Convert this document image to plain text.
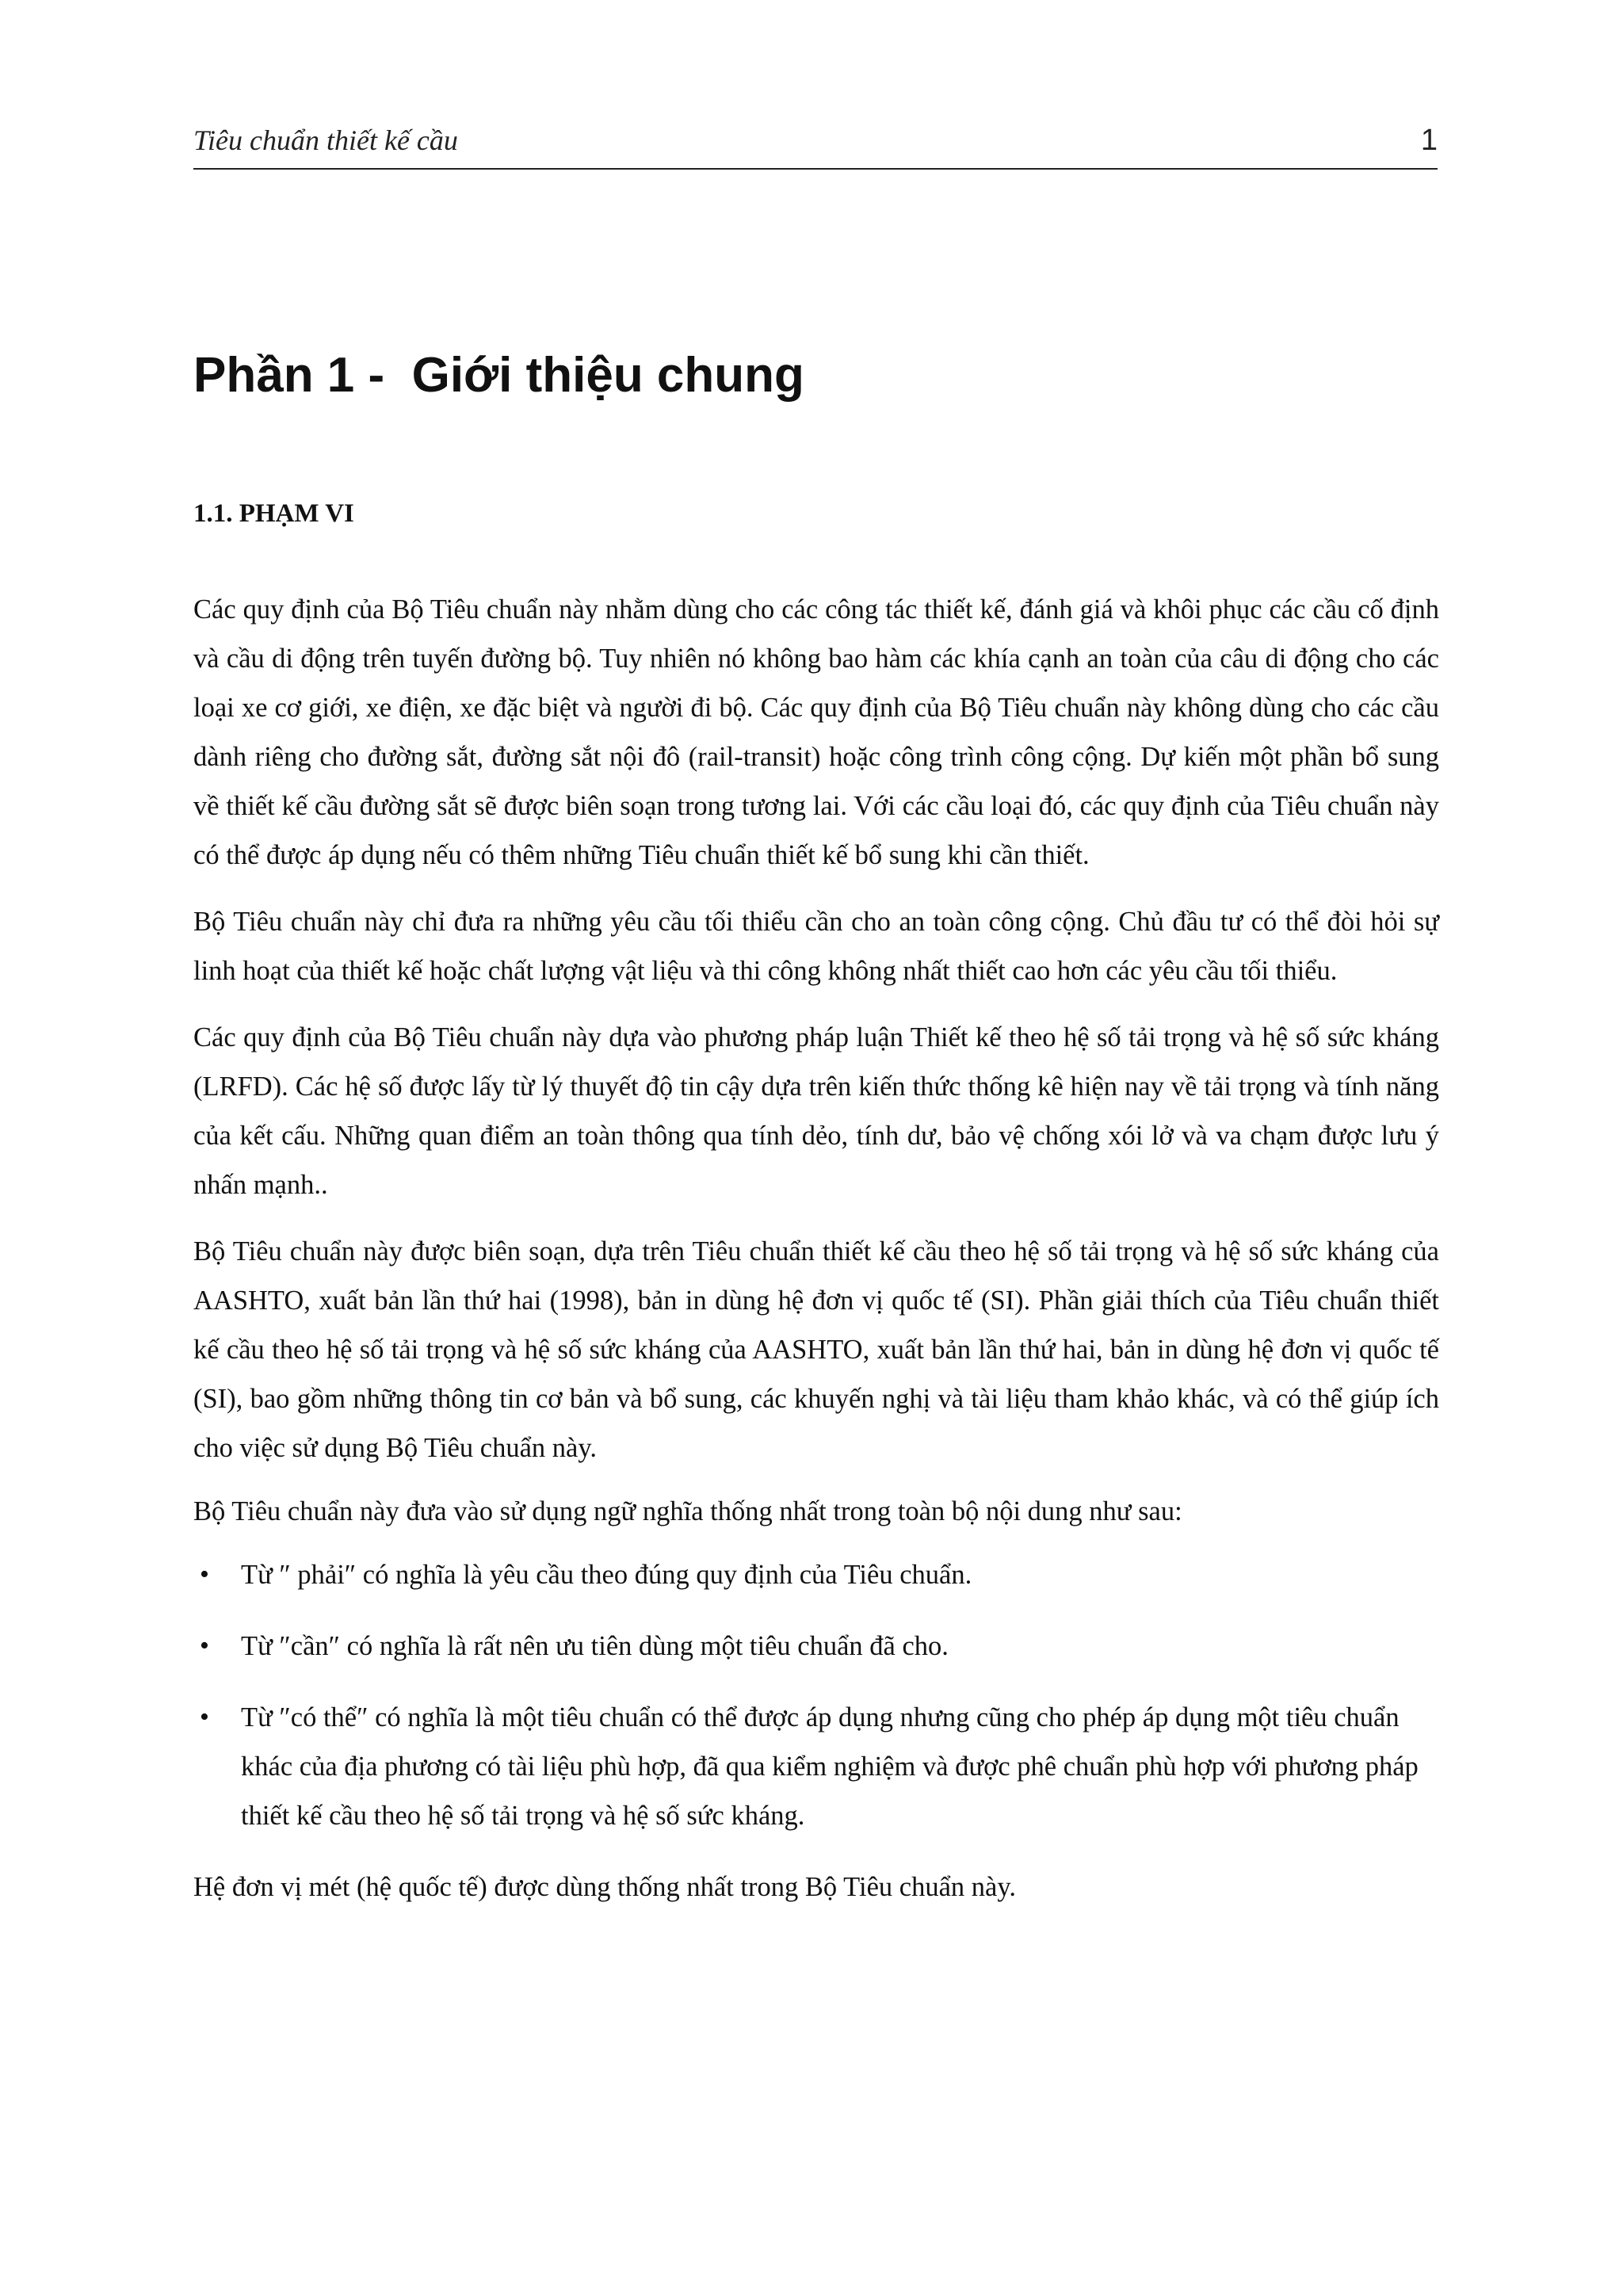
Tiêu chuẩn thiết kế cầu	1
Phần 1 -  Giới thiệu chung
1.1. PHẠM VI

Các quy định của Bộ Tiêu chuẩn này nhằm dùng cho các công tác thiết kế, đánh giá và khôi phục các cầu cố định và cầu di động trên tuyến đường bộ. Tuy nhiên nó không bao hàm các khía cạnh an toàn của câu di động cho các loại xe cơ giới, xe điện, xe đặc biệt và người đi bộ. Các quy định của Bộ Tiêu chuẩn này không dùng cho các cầu dành riêng cho đường sắt, đường sắt nội đô (rail-transit) hoặc công trình công cộng. Dự kiến một phần bổ sung về thiết kế cầu đường sắt sẽ được biên soạn trong tương lai. Với các cầu loại đó, các quy định của Tiêu chuẩn này có thể được áp dụng nếu có thêm những Tiêu chuẩn thiết kế bổ sung khi cần thiết.

Bộ Tiêu chuẩn này chỉ đưa ra những yêu cầu tối thiểu cần cho an toàn công cộng. Chủ đầu tư có thể đòi hỏi sự linh hoạt của thiết kế hoặc chất lượng vật liệu và thi công không nhất thiết cao hơn các yêu cầu tối thiểu.

Các quy định của Bộ Tiêu chuẩn này dựa vào phương pháp luận Thiết kế theo hệ số tải trọng và hệ số sức kháng (LRFD). Các hệ số được lấy từ lý thuyết độ tin cậy dựa trên kiến thức thống kê hiện nay về tải trọng và tính năng của kết cấu. Những quan điểm an toàn thông qua tính dẻo, tính dư, bảo vệ chống xói lở và va chạm được lưu ý nhấn mạnh..

Bộ Tiêu chuẩn này được biên soạn, dựa trên Tiêu chuẩn thiết kế cầu theo hệ số tải trọng và hệ số sức kháng của AASHTO, xuất bản lần thứ hai (1998), bản in dùng hệ đơn vị quốc tế (SI). Phần giải thích của Tiêu chuẩn thiết kế cầu theo hệ số tải trọng và hệ số sức kháng của AASHTO, xuất bản lần thứ hai, bản in dùng hệ đơn vị quốc tế (SI), bao gồm những thông tin cơ bản và bổ sung, các khuyến nghị và tài liệu tham khảo khác, và có thể giúp ích cho việc sử dụng Bộ Tiêu chuẩn này.

Bộ Tiêu chuẩn này đưa vào sử dụng ngữ nghĩa thống nhất trong toàn bộ nội dung như sau:

• Từ ″ phải″ có nghĩa là yêu cầu theo đúng quy định của Tiêu chuẩn.
• Từ ″cần″ có nghĩa là rất nên ưu tiên dùng một tiêu chuẩn đã cho.
• Từ ″có thể″ có nghĩa là một tiêu chuẩn có thể được áp dụng nhưng cũng cho phép áp dụng một tiêu chuẩn khác của địa phương có tài liệu phù hợp, đã qua kiểm nghiệm và được phê chuẩn phù hợp với phương pháp thiết kế cầu theo hệ số tải trọng và hệ số sức kháng.

Hệ đơn vị mét (hệ quốc tế) được dùng thống nhất trong Bộ Tiêu chuẩn này.
